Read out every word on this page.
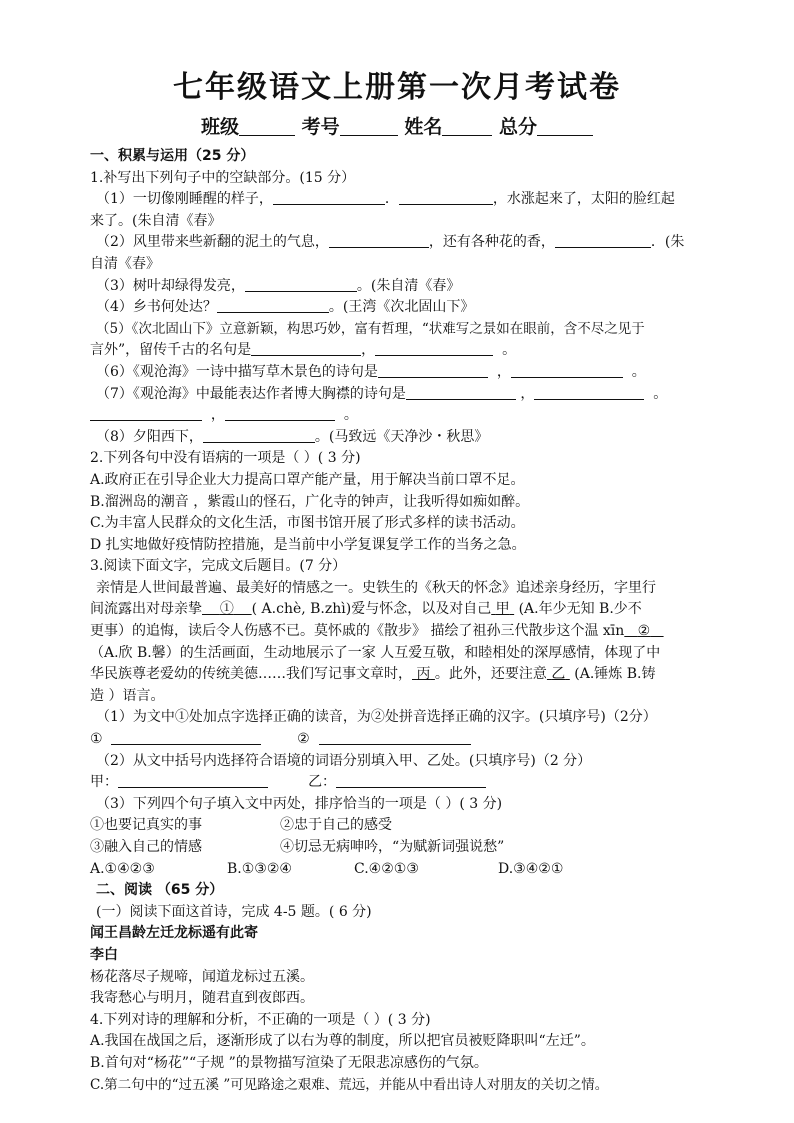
七年级语文上册第一次月考试卷
班级	考号	姓名	总分
一、积累与运用（25 分）
1.补写出下列句子中的空缺部分。(15 分）
（1）一切像刚睡醒的样子，	．	，水涨起来了，太阳的脸红起
来了。(朱自清《春》
（2）风里带来些新翻的泥土的气息，	，还有各种花的香，	．(朱
自清《春》
（3）树叶却绿得发亮，	。(朱自清《春》
（4）乡书何处达？	。(王湾《次北固山下》
（5）《次北固山下》立意新颖，构思巧妙，富有哲理，“状难写之景如在眼前，含不尽之见于
言外”，留传千古的名句是	，	。
（6）《观沧海》一诗中描写草木景色的诗句是	，	。
（7）《观沧海》中最能表达作者博大胸襟的诗句是	，	。
，	。
（8）夕阳西下，	。(马致远《天净沙・秋思》
2.下列各句中没有语病的一项是（ ）( 3 分)
A.政府正在引导企业大力提高口罩产能产量，用于解决当前口罩不足。
B.溜洲岛的潮音 ，紫霞山的怪石，广化寺的钟声，让我听得如痴如醉。
C.为丰富人民群众的文化生活，市图书馆开展了形式多样的读书活动。
D 扎实地做好疫情防控措施，是当前中小学复课复学工作的当务之急。
3.阅读下面文字，完成文后题目。(7 分）
亲情是人世间最普遍、最美好的情感之一。史铁生的《秋天的怀念》追述亲身经历，字里行
间流露出对母亲挚 ① ( A.chè, B.zhì)爱与怀念，以及对自己 甲 (A.年少无知 B.少不
更事）的追悔，读后令人伤感不已。莫怀戚的《散步》 描绘了祖孙三代散步这个温 xīn ②
（A.欣 B.馨）的生活画面，生动地展示了一家 人互爱互敬，和睦相处的深厚感情，体现了中
华民族尊老爱幼的传统美德……我们写记事文章时， 丙 。此外，还要注意 乙 (A.锤炼 B.铸
造 ）语言。
（1）为文中①处加点字选择正确的读音，为②处拼音选择正确的汉字。(只填序号)（2分）
①	②
（2）从文中括号内选择符合语境的词语分别填入甲、乙处。(只填序号)（2 分）
甲：	乙：
（3）下列四个句子填入文中丙处，排序恰当的一项是（ ）( 3 分)
①也要记真实的事	②忠于自己的感受
③融入自己的情感	④切忌无病呻吟，“为赋新词强说愁”
A.①④②③	B.①③②④	C.④②①③	D.③④②①
二、阅读 （65 分）
(一）阅读下面这首诗，完成 4-5 题。( 6 分)
闻王昌龄左迁龙标遥有此寄
李白
杨花落尽子规啼，闻道龙标过五溪。
我寄愁心与明月，随君直到夜郎西。
4.下列对诗的理解和分析，不正确的一项是（ ）( 3 分)
A.我国在战国之后，逐渐形成了以右为尊的制度，所以把官员被贬降职叫“左迁”。
B.首句对“杨花”“子规 ”的景物描写渲染了无限悲凉感伤的气氛。
C.第二句中的“过五溪 ”可见路途之艰难、荒远，并能从中看出诗人对朋友的关切之情。
